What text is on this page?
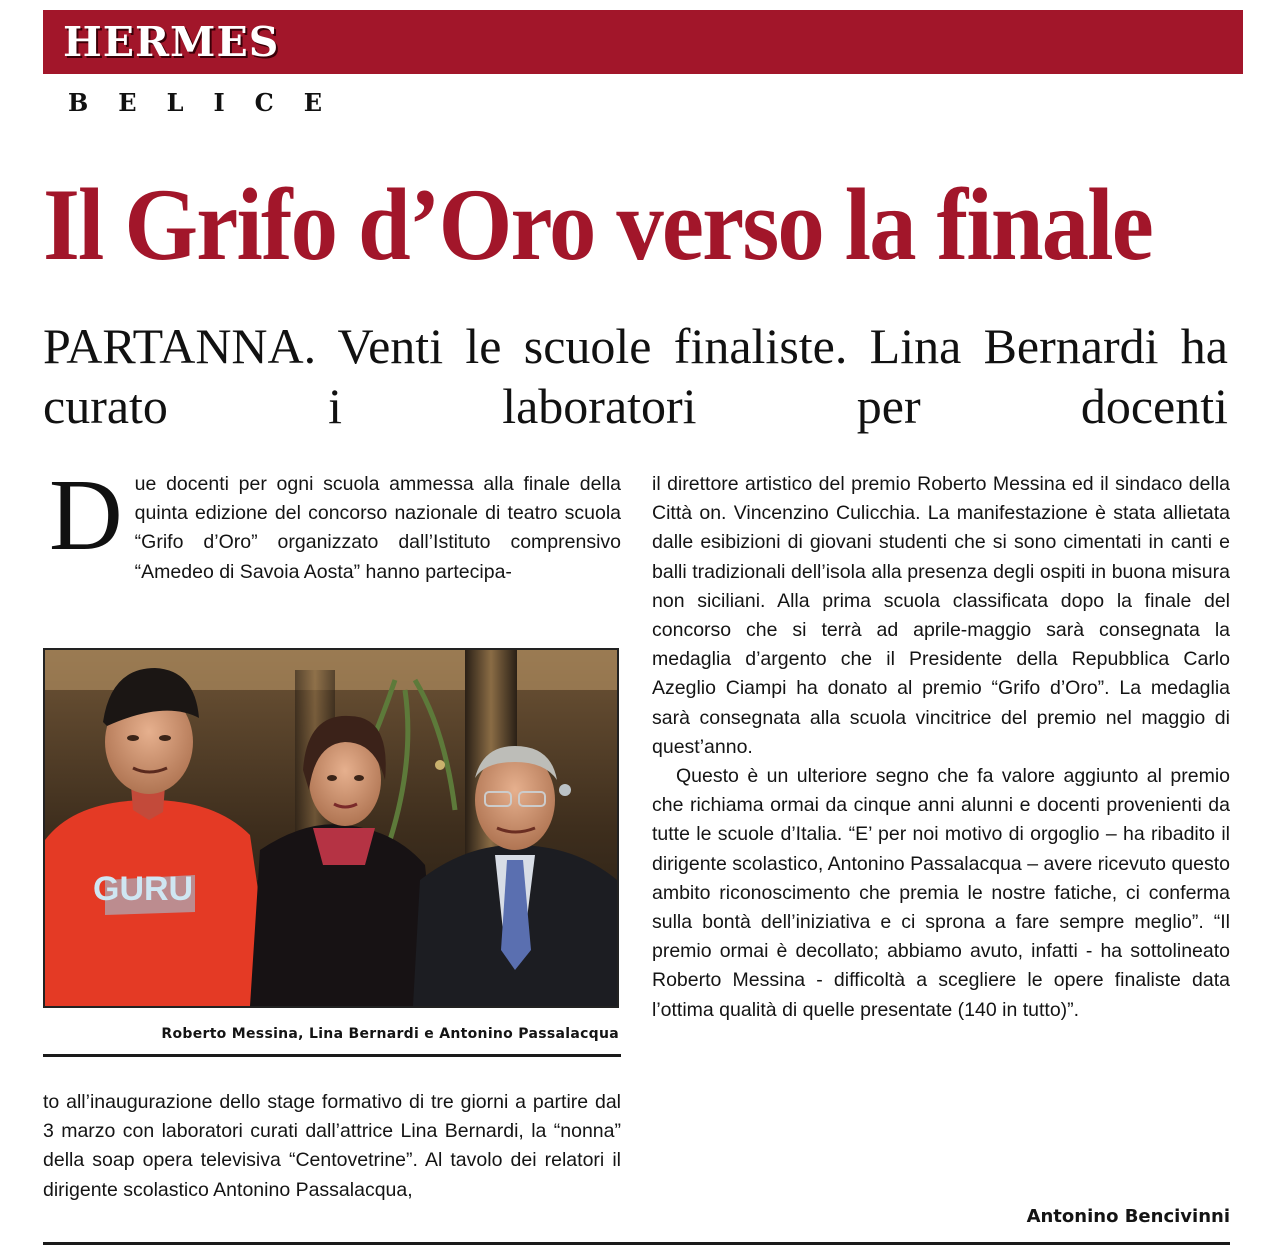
HERMES
BELICE
Il Grifo d’Oro verso la finale
PARTANNA. Venti le scuole finaliste. Lina Bernardi ha curato i laboratori per docenti
D ue docenti per ogni scuola ammessa alla finale della quinta edizione del concorso nazionale di teatro scuola “Grifo d’Oro” organizzato dall’Istituto comprensivo “Amedeo di Savoia Aosta” hanno partecipa-

GURU
Roberto Messina, Lina Bernardi e Antonino Passalacqua

to all’inaugurazione dello stage formativo di tre giorni a partire dal 3 marzo con laboratori curati dall’attrice Lina Bernardi, la “nonna” della soap opera televisiva “Centovetrine”. Al tavolo dei relatori il dirigente scolastico Antonino Passalacqua,

il direttore artistico del premio Roberto Messina ed il sindaco della Città on. Vincenzino Culicchia. La manifestazione è stata allietata dalle esibizioni di giovani studenti che si sono cimentati in canti e balli tradizionali dell’isola alla presenza degli ospiti in buona misura non siciliani. Alla prima scuola classificata dopo la finale del concorso che si terrà ad aprile-maggio sarà consegnata la medaglia d’argento che il Presidente della Repubblica Carlo Azeglio Ciampi ha donato al premio “Grifo d’Oro”. La medaglia sarà consegnata alla scuola vincitrice del premio nel maggio di quest’anno.

Questo è un ulteriore segno che fa valore aggiunto al premio che richiama ormai da cinque anni alunni e docenti provenienti da tutte le scuole d’Italia. “E’ per noi motivo di orgoglio – ha ribadito il dirigente scolastico, Antonino Passalacqua – avere ricevuto questo ambito riconoscimento che premia le nostre fatiche, ci conferma sulla bontà dell’iniziativa e ci sprona a fare sempre meglio”. “Il premio ormai è decollato; abbiamo avuto, infatti - ha sottolineato Roberto Messina - difficoltà a scegliere le opere finaliste data l’ottima qualità di quelle presentate (140 in tutto)”.

Antonino Bencivinni
